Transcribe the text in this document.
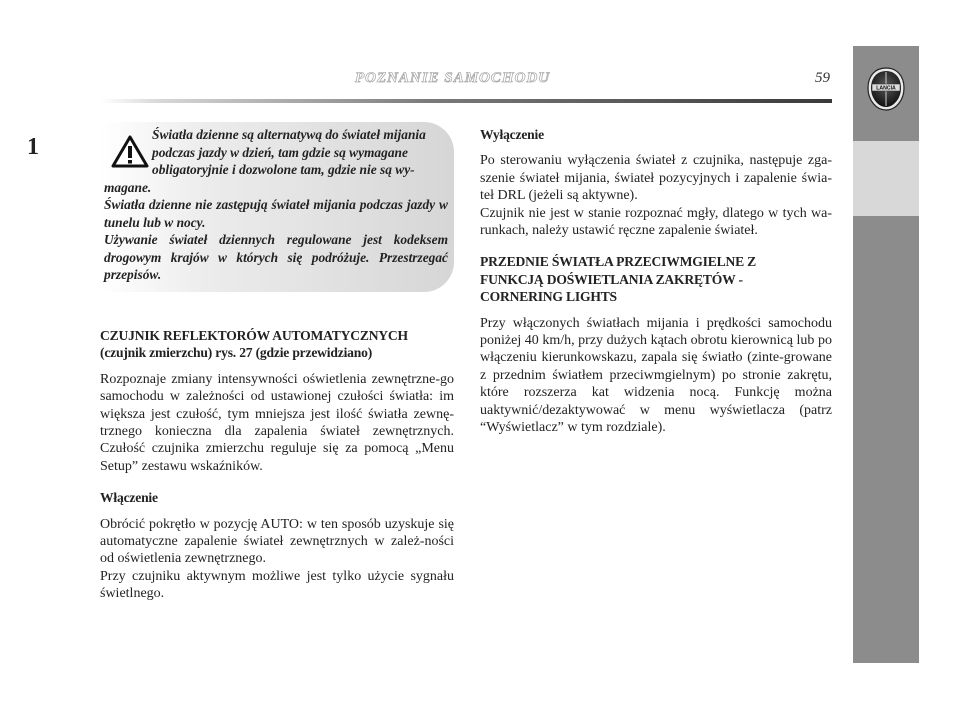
POZNANIE SAMOCHODU	59
LANCIA
1	Światła dzienne są alternatywą do świateł mijania
podczas jazdy w dzień, tam gdzie są wymagane
obligatoryjnie i dozwolone tam, gdzie nie są wy-

magane.

Światła dzienne nie zastępują świateł mijania podczas jazdy w tunelu lub w nocy.

Używanie świateł dziennych regulowane jest kodeksem drogowym krajów w których się podróżuje. Przestrzegać przepisów.

CZUJNIK REFLEKTORÓW AUTOMATYCZNYCH
(czujnik zmierzchu) rys. 27 (gdzie przewidziano)
Rozpoznaje zmiany intensywności oświetlenia zewnętrzne-go samochodu w zależności od ustawionej czułości światła: im większa jest czułość, tym mniejsza jest ilość światła zewnę-trznego konieczna dla zapalenia świateł zewnętrznych. Czułość czujnika zmierzchu reguluje się za pomocą „Menu Setup” zestawu wskaźników.
Włączenie
Obrócić pokrętło w pozycję AUTO: w ten sposób uzyskuje się automatyczne zapalenie świateł zewnętrznych w zależ-ności od oświetlenia zewnętrznego.
Przy czujniku aktywnym możliwe jest tylko użycie sygnału świetlnego.
Wyłączenie
Po sterowaniu wyłączenia świateł z czujnika, następuje zga-szenie świateł mijania, świateł pozycyjnych i zapalenie świa-teł DRL (jeżeli są aktywne).
Czujnik nie jest w stanie rozpoznać mgły, dlatego w tych wa-runkach, należy ustawić ręczne zapalenie świateł.
PRZEDNIE ŚWIATŁA PRZECIWMGIELNE Z
FUNKCJĄ DOŚWIETLANIA ZAKRĘTÓW -
CORNERING LIGHTS
Przy włączonych światłach mijania i prędkości samochodu poniżej 40 km/h, przy dużych kątach obrotu kierownicą lub po włączeniu kierunkowskazu, zapala się światło (zinte-growane z przednim światłem przeciwmgielnym) po stronie zakrętu, które rozszerza kat widzenia nocą. Funkcję można uaktywnić/dezaktywować w menu wyświetlacza (patrz “Wyświetlacz” w tym rozdziale).
